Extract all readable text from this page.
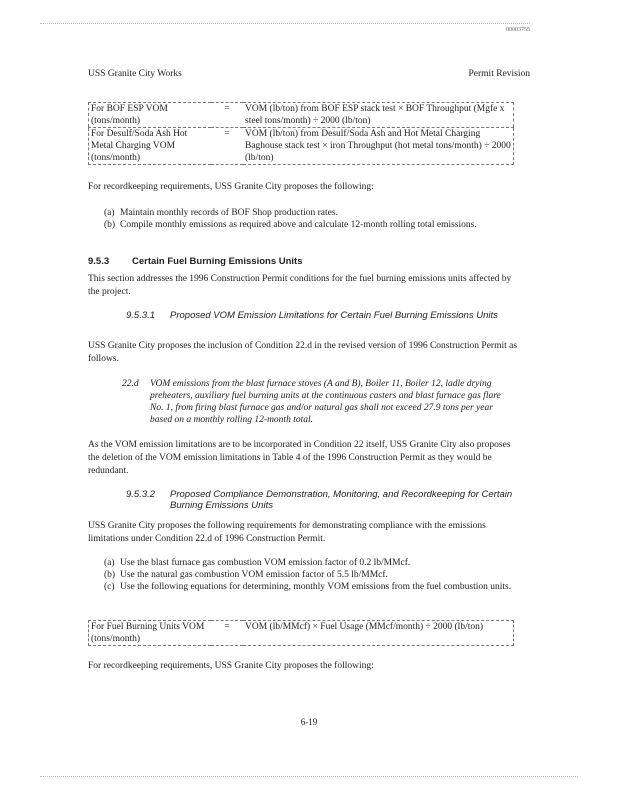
00003755
USS Granite City Works	Permit Revision
For BOF ESP VOM (tons/month)	=	VOM (lb/ton) from BOF ESP stack test × BOF Throughput (Mgfe x steel tons/month) ÷ 2000 (lb/ton)
For Desulf/Soda Ash Hot Metal Charging VOM (tons/month)	=	VOM (lb/ton) from Desulf/Soda Ash and Hot Metal Charging Baghouse stack test × iron Throughput (hot metal tons/month) ÷ 2000 (lb/ton)

For recordkeeping requirements, USS Granite City proposes the following:

(a) Maintain monthly records of BOF Shop production rates.
(b) Compile monthly emissions as required above and calculate 12-month rolling total emissions.
9.5.3 Certain Fuel Burning Emissions Units

This section addresses the 1996 Construction Permit conditions for the fuel burning emissions units affected by the project.

9.5.3.1 Proposed VOM Emission Limitations for Certain Fuel Burning Emissions Units

USS Granite City proposes the inclusion of Condition 22.d in the revised version of 1996 Construction Permit as follows.

22.d VOM emissions from the blast furnace stoves (A and B), Boiler 11, Boiler 12, ladle drying preheaters, auxiliary fuel burning units at the continuous casters and blast furnace gas flare No. 1, from firing blast furnace gas and/or natural gas shall not exceed 27.9 tons per year based on a monthly rolling 12-month total.

As the VOM emission limitations are to be incorporated in Condition 22 itself, USS Granite City also proposes the deletion of the VOM emission limitations in Table 4 of the 1996 Construction Permit as they would be redundant.

9.5.3.2 Proposed Compliance Demonstration, Monitoring, and Recordkeeping for Certain Burning Emissions Units

USS Granite City proposes the following requirements for demonstrating compliance with the emissions limitations under Condition 22.d of 1996 Construction Permit.

(a) Use the blast furnace gas combustion VOM emission factor of 0.2 lb/MMcf.
(b) Use the natural gas combustion VOM emission factor of 5.5 lb/MMcf.
(c) Use the following equations for determining, monthly VOM emissions from the fuel combustion units.
For Fuel Burning Units VOM (tons/month)	=	VOM (lb/MMcf) × Fuel Usage (MMcf/month) ÷ 2000 (lb/ton)

For recordkeeping requirements, USS Granite City proposes the following:

6-19
